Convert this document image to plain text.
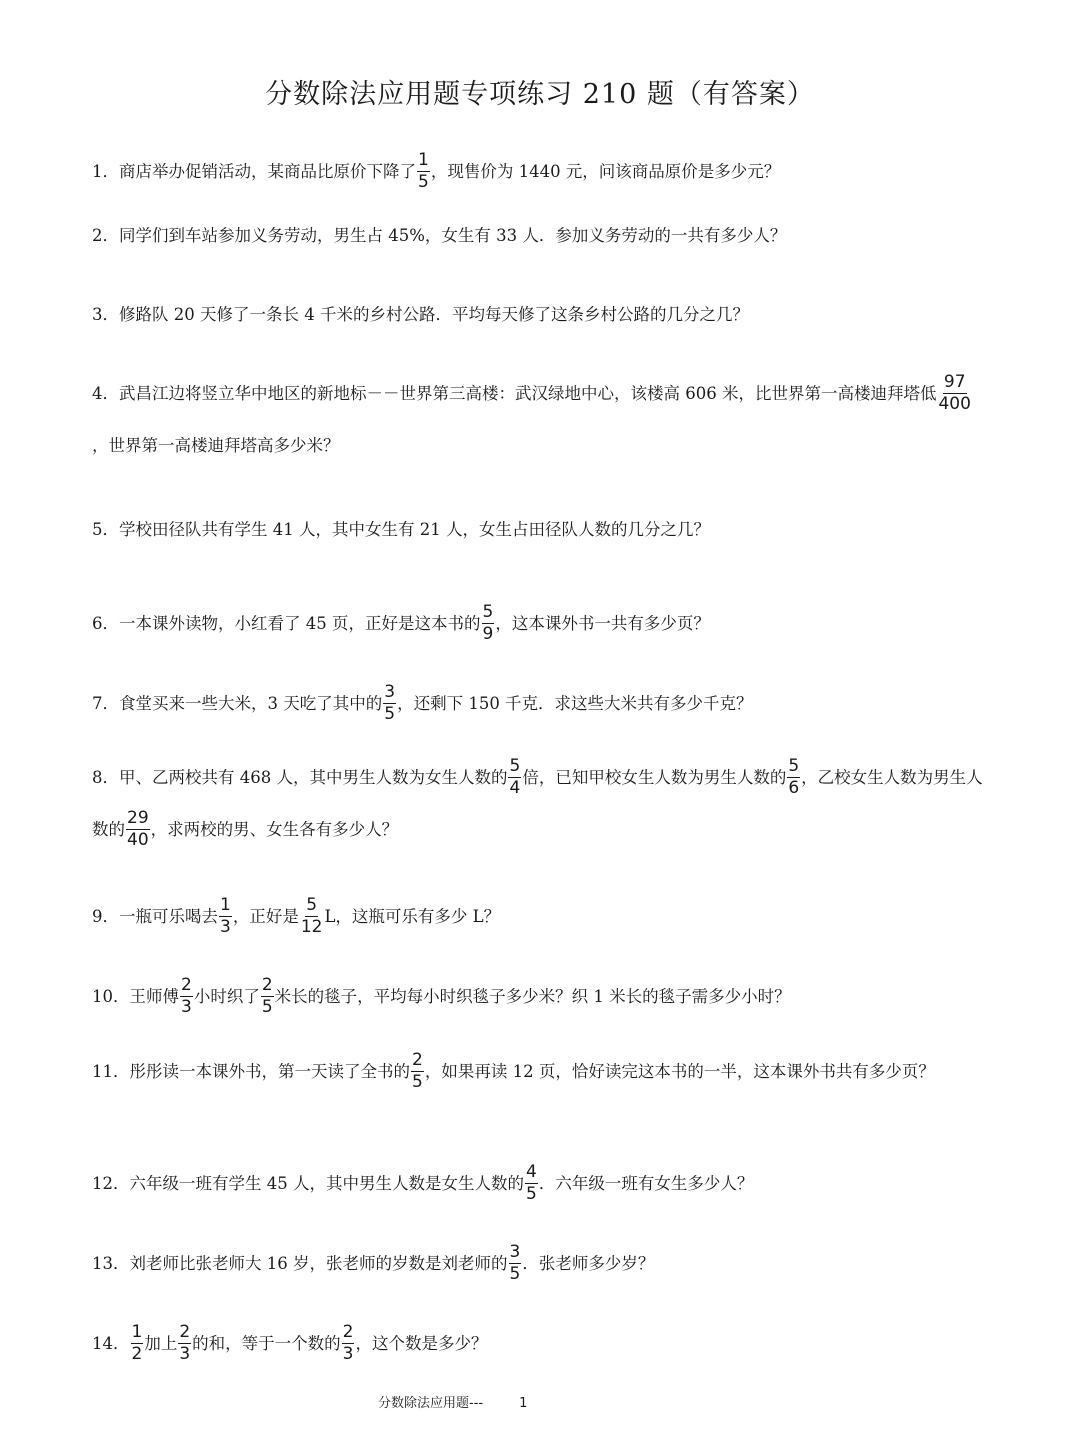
分数除法应用题专项练习 210 题（有答案）
1．商店举办促销活动，某商品比原价下降了 $\frac{1}{5}$ ，现售价为 1440 元，问该商品原价是多少元？
2．同学们到车站参加义务劳动，男生占 45%，女生有 33 人．参加义务劳动的一共有多少人？
3．修路队 20 天修了一条长 4 千米的乡村公路．平均每天修了这条乡村公路的几分之几？
4．武昌江边将竖立华中地区的新地标－－世界第三高楼：武汉绿地中心，该楼高 606 米，比世界第一高楼迪拜塔低 $\frac{97}{400}$
，世界第一高楼迪拜塔高多少米？
5．学校田径队共有学生 41 人，其中女生有 21 人，女生占田径队人数的几分之几？
6．一本课外读物，小红看了 45 页，正好是这本书的 $\frac{5}{9}$ ，这本课外书一共有多少页？
7．食堂买来一些大米，3 天吃了其中的 $\frac{3}{5}$ ，还剩下 150 千克．求这些大米共有多少千克？
8．甲、乙两校共有 468 人，其中男生人数为女生人数的 $\frac{5}{4}$ 倍，已知甲校女生人数为男生人数的 $\frac{5}{6}$ ，乙校女生人数为男生人数的 $\frac{29}{40}$ ，求两校的男、女生各有多少人？
9．一瓶可乐喝去 $\frac{1}{3}$ ，正好是 $\frac{5}{12}$ L，这瓶可乐有多少 L？
10．王师傅 $\frac{2}{3}$ 小时织了 $\frac{2}{5}$ 米长的毯子，平均每小时织毯子多少米？织 1 米长的毯子需多少小时？
11．彤彤读一本课外书，第一天读了全书的 $\frac{2}{5}$ ，如果再读 12 页，恰好读完这本书的一半，这本课外书共有多少页？
12．六年级一班有学生 45 人，其中男生人数是女生人数的 $\frac{4}{5}$ ．六年级一班有女生多少人？
13．刘老师比张老师大 16 岁，张老师的岁数是刘老师的 $\frac{3}{5}$ ．张老师多少岁？
14． $\frac{1}{2}$ 加上 $\frac{2}{3}$ 的和，等于一个数的 $\frac{2}{3}$ ，这个数是多少？
分数除法应用题---	1
